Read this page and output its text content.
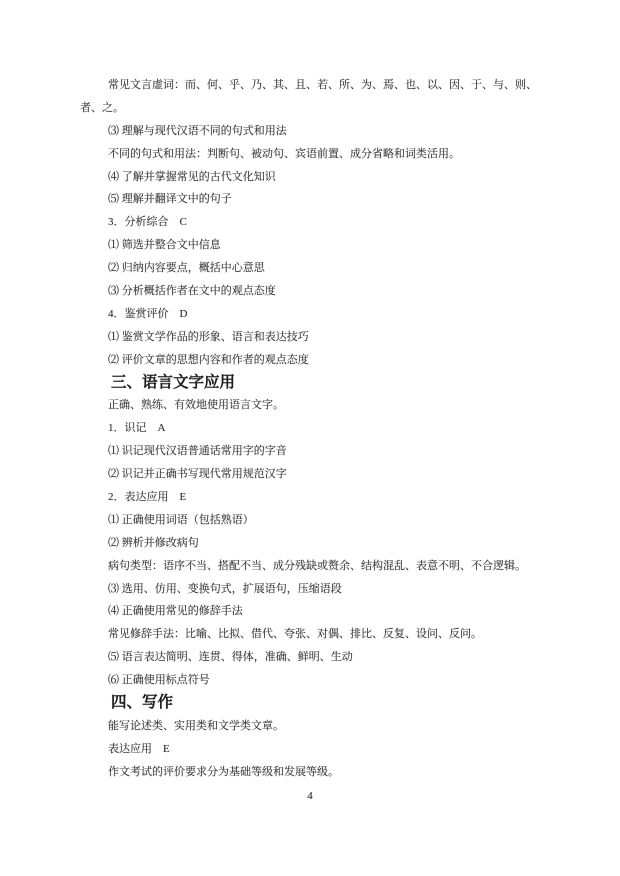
常见文言虚词：而、何、乎、乃、其、且、若、所、为、焉、也、以、因、于、与、则、
者、之。
⑶ 理解与现代汉语不同的句式和用法
不同的句式和用法：判断句、被动句、宾语前置、成分省略和词类活用。
⑷ 了解并掌握常见的古代文化知识
⑸ 理解并翻译文中的句子
3．分析综合　C
⑴ 筛选并整合文中信息
⑵ 归纳内容要点，概括中心意思
⑶ 分析概括作者在文中的观点态度
4．鉴赏评价　D
⑴ 鉴赏文学作品的形象、语言和表达技巧
⑵ 评价文章的思想内容和作者的观点态度
三、语言文字应用
正确、熟练、有效地使用语言文字。
1．识记　A
⑴ 识记现代汉语普通话常用字的字音
⑵ 识记并正确书写现代常用规范汉字
2．表达应用　E
⑴ 正确使用词语（包括熟语）
⑵ 辨析并修改病句
病句类型：语序不当、搭配不当、成分残缺或赘余、结构混乱、表意不明、不合逻辑。
⑶ 选用、仿用、变换句式，扩展语句，压缩语段
⑷ 正确使用常见的修辞手法
常见修辞手法：比喻、比拟、借代、夸张、对偶、排比、反复、设问、反问。
⑸ 语言表达简明、连贯、得体，准确、鲜明、生动
⑹ 正确使用标点符号
四、写作
能写论述类、实用类和文学类文章。
表达应用　E
作文考试的评价要求分为基础等级和发展等级。
4
